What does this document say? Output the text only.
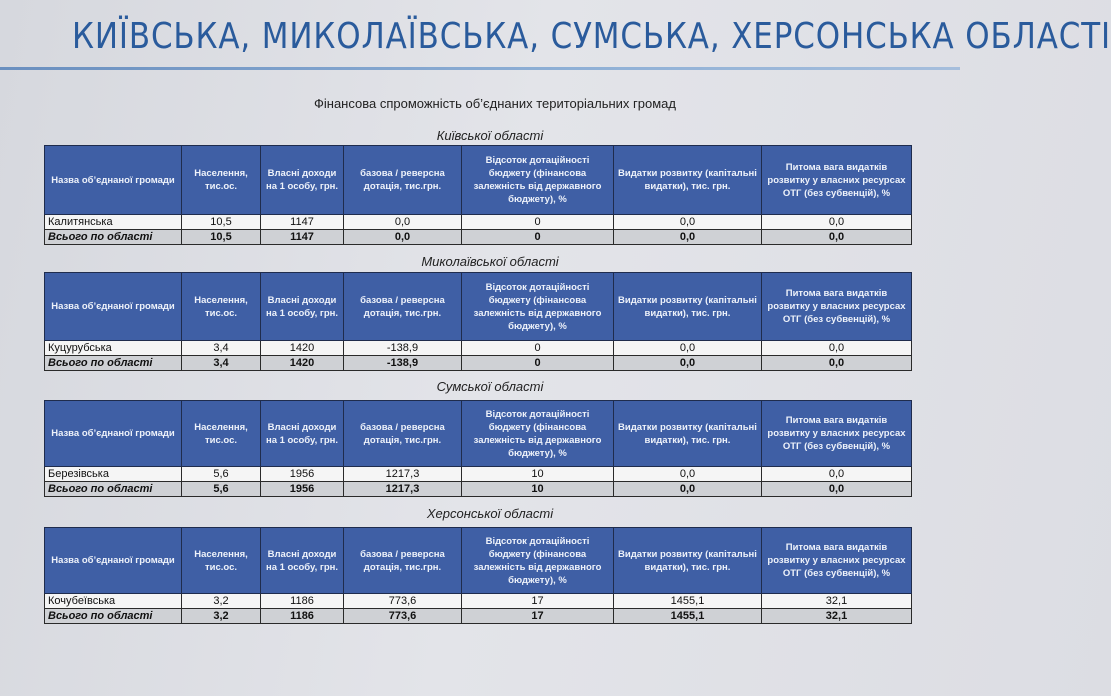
КИЇВСЬКА, МИКОЛАЇВСЬКА, СУМСЬКА, ХЕРСОНСЬКА ОБЛАСТІ
Фінансова спроможність об’єднаних територіальних громад
Київської області
Назва об’єднаної громади	Населення, тис.ос.	Власні доходи на 1 особу, грн.	базова / реверсна дотація, тис.грн.	Відсоток дотаційності бюджету (фінансова залежність від державного бюджету), %	Видатки розвитку (капітальні видатки), тис. грн.	Питома вага видатків розвитку у власних ресурсах ОТГ (без субвенцій), %
Калитянська	10,5	1147	0,0	0	0,0	0,0
Всього по області	10,5	1147	0,0	0	0,0	0,0
Миколаївської області
Назва об’єднаної громади	Населення, тис.ос.	Власні доходи на 1 особу, грн.	базова / реверсна дотація, тис.грн.	Відсоток дотаційності бюджету (фінансова залежність від державного бюджету), %	Видатки розвитку (капітальні видатки), тис. грн.	Питома вага видатків розвитку у власних ресурсах ОТГ (без субвенцій), %
Куцурубська	3,4	1420	-138,9	0	0,0	0,0
Всього по області	3,4	1420	-138,9	0	0,0	0,0
Сумської області
Назва об’єднаної громади	Населення, тис.ос.	Власні доходи на 1 особу, грн.	базова / реверсна дотація, тис.грн.	Відсоток дотаційності бюджету (фінансова залежність від державного бюджету), %	Видатки розвитку (капітальні видатки), тис. грн.	Питома вага видатків розвитку у власних ресурсах ОТГ (без субвенцій), %
Березівська	5,6	1956	1217,3	10	0,0	0,0
Всього по області	5,6	1956	1217,3	10	0,0	0,0
Херсонської області
Назва об’єднаної громади	Населення, тис.ос.	Власні доходи на 1 особу, грн.	базова / реверсна дотація, тис.грн.	Відсоток дотаційності бюджету (фінансова залежність від державного бюджету), %	Видатки розвитку (капітальні видатки), тис. грн.	Питома вага видатків розвитку у власних ресурсах ОТГ (без субвенцій), %
Кочубеївська	3,2	1186	773,6	17	1455,1	32,1
Всього по області	3,2	1186	773,6	17	1455,1	32,1
